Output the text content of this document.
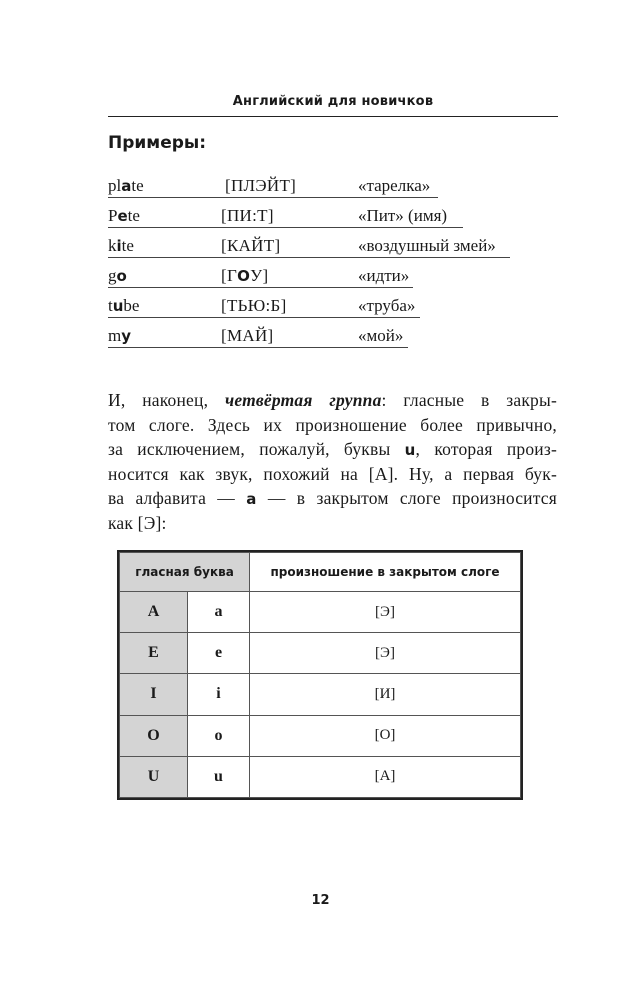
Английский для новичков
Примеры:
plate	[ПЛЭЙТ]	«тарелка»
Pete	[ПИ:Т]	«Пит» (имя)
kite	[КАЙТ]	«воздушный змей»
go	[ГОУ]	«идти»
tube	[ТЬЮ:Б]	«труба»
my	[МАЙ]	«мой»
И, наконец, четвёртая группа: гласные в закры-
том слоге. Здесь их произношение более привычно,
за исключением, пожалуй, буквы u, которая произ-
носится как звук, похожий на [А]. Ну, а первая бук-
ва алфавита — a — в закрытом слоге произносится
как [Э]:
гласная буква		произношение в закрытом слоге
A	a	[Э]
E	e	[Э]
I	i	[И]
O	o	[О]
U	u	[А]
12
